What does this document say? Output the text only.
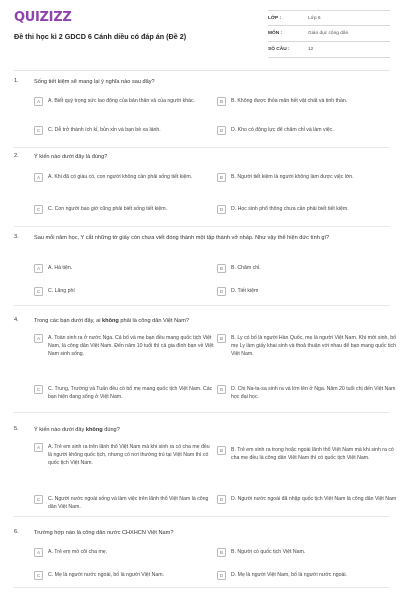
QUIZIZZ
Đề thi học kì 2 GDCD 6 Cánh diều có đáp án (Đề 2)
LỚP :	Lớp 6
MÔN :	Giáo dục công dân
SỐ CÂU :	12
1.	Sống tiết kiệm sẽ mang lại ý nghĩa nào sau đây?
A	A. Biết quý trọng sức lao động của bản thân và của người khác.	B	B. Không được thỏa mãn hết vật chất và tinh thần.
C	C. Dễ trở thành ích kỉ, bủn xỉn và bạn bè xa lánh.	D	D. Kho có động lực để chăm chỉ và làm việc.
2.	Ý kiến nào dưới đây là đúng?
A	A. Khi đã có giàu có, con người không cần phải sống tiết kiệm.	B	B. Người tiết kiệm là người không làm được việc lớn.
C	C. Con người bao giờ cũng phải biết sống tiết kiệm.	D	D. Học sinh phổ thông chưa cần phải biết tiết kiệm.
3.	Sau mỗi năm học, Y cắt những tờ giấy còn chưa viết đóng thành một tập thành vở nháp. Như vậy thể hiện đức tính gì?
A	A. Hà tiện.	B	B. Chăm chỉ.
C	C. Lãng phí	D	D. Tiết kiệm
4.	Trong các bạn dưới đây, ai không phải là công dân Việt Nam?
A	A. Toàn sinh ra ở nước Nga. Cả bố và mẹ bạn đều mang quốc tịch Việt Nam, là công dân Việt Nam. Đến năm 10 tuổi thì cả gia đình bạn về Việt Nam sinh sống.
B	B. Ly có bố là người Hàn Quốc, mẹ là người Việt Nam. Khi mới sinh, bố mẹ Ly làm giấy khai sinh và thoả thuận với nhau để bạn mang quốc tịch Việt Nam.
C	C. Trung, Trường và Tuấn đều có bố mẹ mang quốc tịch Việt Nam. Các bạn hiện đang sống ở Việt Nam.
D	D. Chị Na-ta-sa sinh ra và lớn lên ở Nga. Năm 20 tuổi chị đến Việt Nam học đại học.
5.	Ý kiến nào dưới đây không đúng?
A	A. Trẻ em sinh ra trên lãnh thổ Việt Nam mà khi sinh ra có cha mẹ đều là người không quốc tịch, nhưng có nơi thường trú tại Việt Nam thì có quốc tịch Việt Nam.
B	B. Trẻ em sinh ra trong hoặc ngoài lãnh thổ Việt Nam mà khi sinh ra có cha mẹ đều là công dân Việt Nam thì có quốc tịch Việt Nam.
C	C. Người nước ngoài sống và làm việc trên lãnh thổ Việt Nam là công dân Việt Nam.
D	D. Người nước ngoài đã nhập quốc tịch Việt Nam là công dân Việt Nam
6.	Trường hợp nào là công dân nước CHXHCN Việt Nam?
A	A. Trẻ em mồ côi cha mẹ.	B	B. Người có quốc tịch Việt Nam.
C	C. Mẹ là người nước ngoài, bố là người Việt Nam.	D	D. Mẹ là người Việt Nam, bố là người nước ngoài.
